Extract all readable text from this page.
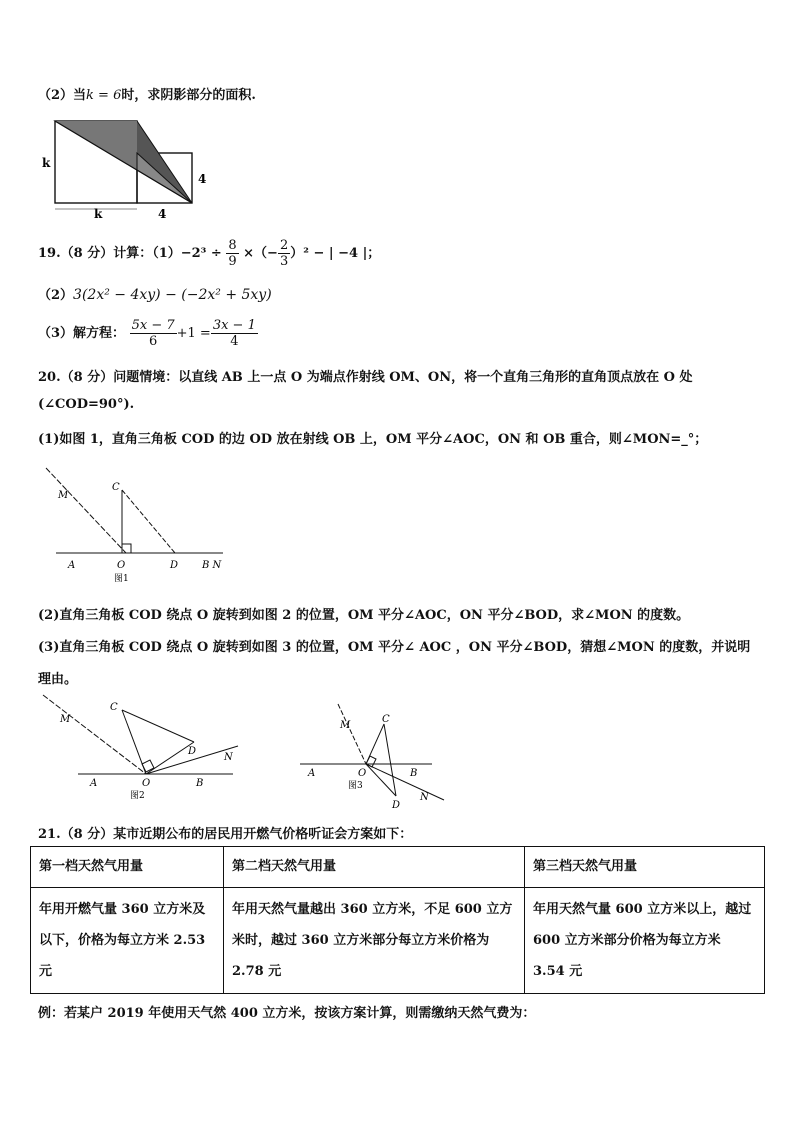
（2）当k = 6时，求阴影部分的面积.
k
k
4
4
19.（8 分）计算：$(1)-2^3 \div \frac{8}{9}$ ×（− $\frac{2}{3} )^2$ − | −4 |；
（2）3(2x² − 4xy) − (−2x² + 5xy)
（3）解方程： $\frac{5x - 7}{6} +1 = \frac{3x - 1}{4}$
20.（8 分）问题情境：以直线 AB 上一点 O 为端点作射线 OM、ON，将一个直角三角形的直角顶点放在 O 处
(∠COD=90°).
(1)如图 1，直角三角板 COD 的边 OD 放在射线 OB 上，OM 平分∠AOC，ON 和 OB 重合，则∠MON=_°；
M
C
A	O	D B N
图1
(2)直角三角板 COD 绕点 O 旋转到如图 2 的位置，OM 平分∠AOC，ON 平分∠BOD，求∠MON 的度数。
(3)直角三角板 COD 绕点 O 旋转到如图 3 的位置，OM 平分∠ AOC ，ON 平分∠BOD，猜想∠MON 的度数，并说明
理由。
M
C
D
N
A	O	B
图2
M
C
A	O	B
D
N
图3
21.（8 分）某市近期公布的居民用开燃气价格听证会方案如下：
第一档天然气用量	第二档天然气用量	第三档天然气用量
年用开燃气量 360 立方米及以下，价格为每立方米 2.53 元	年用天然气量越出 360 立方米，不足 600 立方米时，越过 360 立方米部分每立方米价格为 2.78 元	年用天然气量 600 立方米以上，越过 600 立方米部分价格为每立方米 3.54 元
例：若某户 2019 年使用天气然 400 立方米，按该方案计算，则需缴纳天然气费为：
